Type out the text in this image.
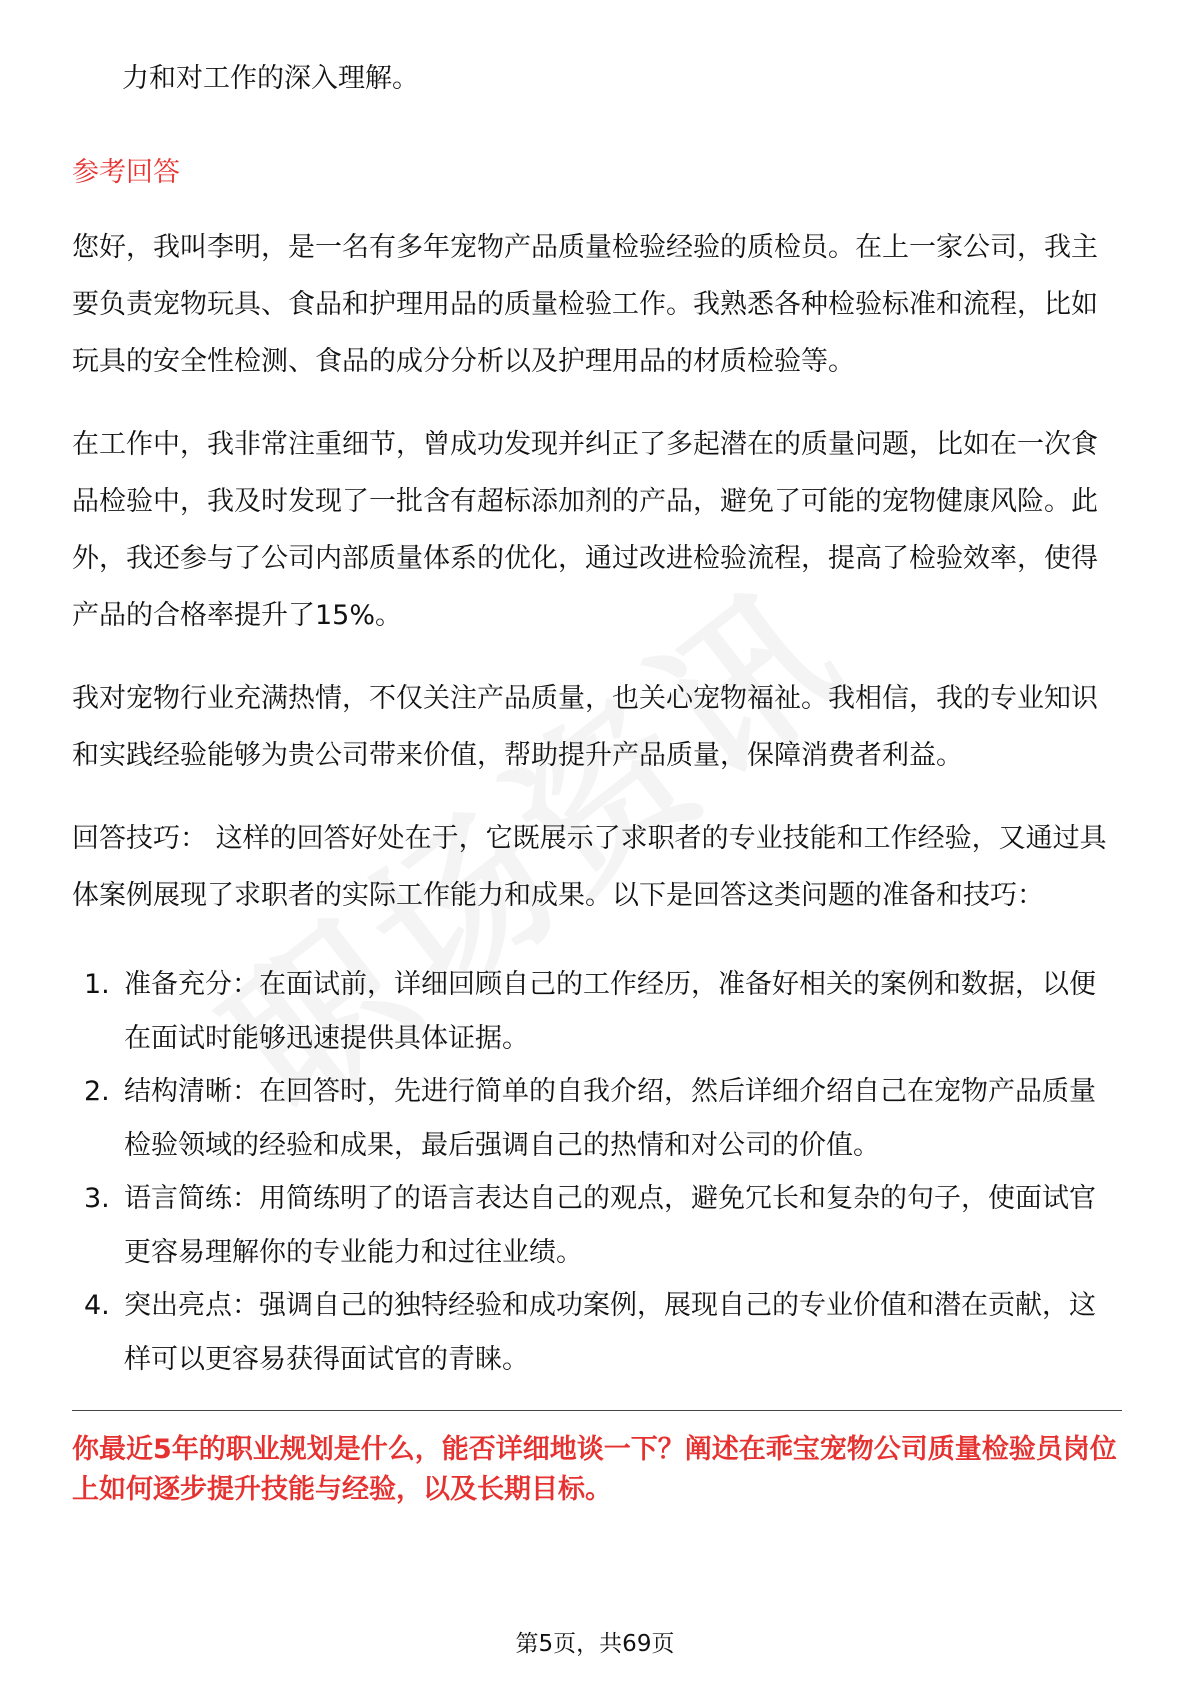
力和对工作的深入理解。

参考回答

您好，我叫李明，是一名有多年宠物产品质量检验经验的质检员。在上一家公司，我主要负责宠物玩具、食品和护理用品的质量检验工作。我熟悉各种检验标准和流程，比如玩具的安全性检测、食品的成分分析以及护理用品的材质检验等。

在工作中，我非常注重细节，曾成功发现并纠正了多起潜在的质量问题，比如在一次食品检验中，我及时发现了一批含有超标添加剂的产品，避免了可能的宠物健康风险。此外，我还参与了公司内部质量体系的优化，通过改进检验流程，提高了检验效率，使得产品的合格率提升了15%。

我对宠物行业充满热情，不仅关注产品质量，也关心宠物福祉。我相信，我的专业知识和实践经验能够为贵公司带来价值，帮助提升产品质量，保障消费者利益。

回答技巧： 这样的回答好处在于，它既展示了求职者的专业技能和工作经验，又通过具体案例展现了求职者的实际工作能力和成果。以下是回答这类问题的准备和技巧：

1. 准备充分：在面试前，详细回顾自己的工作经历，准备好相关的案例和数据，以便在面试时能够迅速提供具体证据。
2. 结构清晰：在回答时，先进行简单的自我介绍，然后详细介绍自己在宠物产品质量检验领域的经验和成果，最后强调自己的热情和对公司的价值。
3. 语言简练：用简练明了的语言表达自己的观点，避免冗长和复杂的句子，使面试官更容易理解你的专业能力和过往业绩。
4. 突出亮点：强调自己的独特经验和成功案例，展现自己的专业价值和潜在贡献，这样可以更容易获得面试官的青睐。
你最近5年的职业规划是什么，能否详细地谈一下？阐述在乖宝宠物公司质量检验员岗位上如何逐步提升技能与经验，以及长期目标。
第5页，共69页
